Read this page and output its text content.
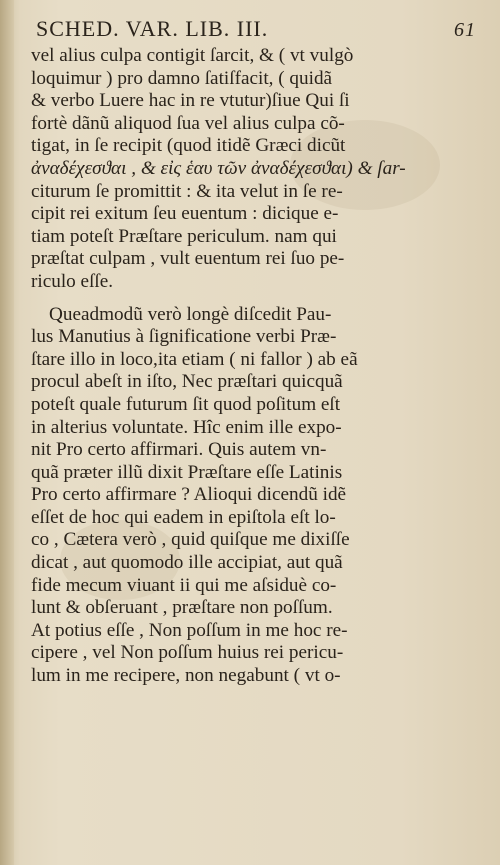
SCHED. VAR. LIB. III.	61
vel alius culpa contigit ſarcit, & ( vt vulgò
loquimur ) pro damno ſatiſfacit, ( quidã
& verbo Luere hac in re vtutur)ſiue Qui ſi
fortè dãnũ aliquod ſua vel alius culpa cõ-
tigat, in ſe recipit (quod itidẽ Græci dicũt
ἀναδέχεσϑαι , & εἰς ἑαυ τῶν ἀναδέχεσϑαι) & ſar-
citurum ſe promittit : & ita velut in ſe re-
cipit rei exitum ſeu euentum : dicique e-
tiam poteſt Præſtare periculum. nam qui
præſtat culpam , vult euentum rei ſuo pe-
riculo eſſe.
Queadmodũ verò longè diſcedit Pau-
lus Manutius à ſignificatione verbi Præ-
ſtare illo in loco,ita etiam ( ni fallor ) ab eã
procul abeſt in iſto, Nec præſtari quicquã
poteſt quale futurum ſit quod poſitum eſt
in alterius voluntate. Hîc enim ille expo-
nit Pro certo affirmari. Quis autem vn-
quã præter illũ dixit Præſtare eſſe Latinis
Pro certo affirmare ? Alioqui dicendũ idẽ
eſſet de hoc qui eadem in epiſtola eſt lo-
co , Cætera verò , quid quiſque me dixiſſe
dicat , aut quomodo ille accipiat, aut quã
fide mecum viuant ii qui me aſsiduè co-
lunt & obſeruant , præſtare non poſſum.
At potius eſſe , Non poſſum in me hoc re-
cipere , vel Non poſſum huius rei pericu-
lum in me recipere, non negabunt ( vt o-
